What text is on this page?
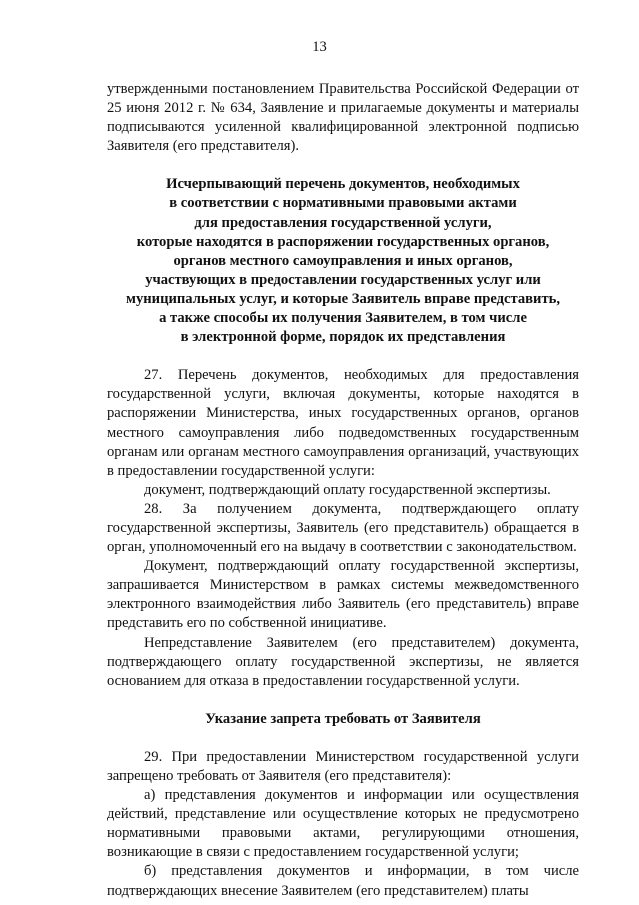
13

утвержденными постановлением Правительства Российской Федерации от 25 июня 2012 г. № 634, Заявление и прилагаемые документы и материалы подписываются усиленной квалифицированной электронной подписью Заявителя (его представителя).

Исчерпывающий перечень документов, необходимых
в соответствии с нормативными правовыми актами
для предоставления государственной услуги,
которые находятся в распоряжении государственных органов,
органов местного самоуправления и иных органов,
участвующих в предоставлении государственных услуг или
муниципальных услуг, и которые Заявитель вправе представить,
а также способы их получения Заявителем, в том числе
в электронной форме, порядок их представления

27. Перечень документов, необходимых для предоставления государственной услуги, включая документы, которые находятся в распоряжении Министерства, иных государственных органов, органов местного самоуправления либо подведомственных государственным органам или органам местного самоуправления организаций, участвующих в предоставлении государственной услуги:

документ, подтверждающий оплату государственной экспертизы.

28. За получением документа, подтверждающего оплату государственной экспертизы, Заявитель (его представитель) обращается в орган, уполномоченный его на выдачу в соответствии с законодательством.

Документ, подтверждающий оплату государственной экспертизы, запрашивается Министерством в рамках системы межведомственного электронного взаимодействия либо Заявитель (его представитель) вправе представить его по собственной инициативе.

Непредставление Заявителем (его представителем) документа, подтверждающего оплату государственной экспертизы, не является основанием для отказа в предоставлении государственной услуги.

Указание запрета требовать от Заявителя

29. При предоставлении Министерством государственной услуги запрещено требовать от Заявителя (его представителя):

а) представления документов и информации или осуществления действий, представление или осуществление которых не предусмотрено нормативными правовыми актами, регулирующими отношения, возникающие в связи с предоставлением государственной услуги;

б) представления документов и информации, в том числе подтверждающих внесение Заявителем (его представителем) платы
